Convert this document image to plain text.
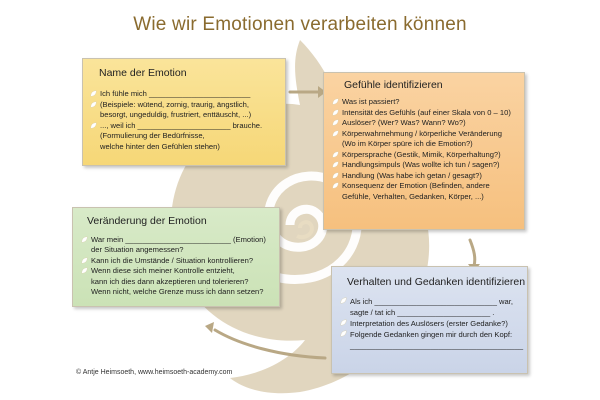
Wie wir Emotionen verarbeiten können
Name der Emotion
Ich fühle mich ________________________
(Beispiele: wütend, zornig, traurig, ängstlich,
besorgt, ungeduldig, frustriert, enttäuscht, ...)
..., weil ich ______________________ brauche.
(Formulierung der Bedürfnisse,
welche hinter den Gefühlen stehen)
Gefühle identifizieren
Was ist passiert?
Intensität des Gefühls (auf einer Skala von 0 – 10)
Auslöser? (Wer? Was? Wann? Wo?)
Körperwahrnehmung / körperliche Veränderung
(Wo im Körper spüre ich die Emotion?)
Körpersprache (Gestik, Mimik, Körperhaltung?)
Handlungsimpuls (Was wollte ich tun / sagen?)
Handlung (Was habe ich getan / gesagt?)
Konsequenz der Emotion (Befinden, andere
Gefühle, Verhalten, Gedanken, Körper, ...)
Veränderung der Emotion
War mein _________________________ (Emotion)
der Situation angemessen?
Kann ich die Umstände / Situation kontrollieren?
Wenn diese sich meiner Kontrolle entzieht,
kann ich dies dann akzeptieren und tolerieren?
Wenn nicht, welche Grenze muss ich dann setzen?
Verhalten und Gedanken identifizieren
Als ich _____________________________ war,
sagte / tat ich ______________________ .
Interpretation des Auslösers (erster Gedanke?)
Folgende Gedanken gingen mir durch den Kopf:
_________________________________________
© Antje Heimsoeth, www.heimsoeth-academy.com
